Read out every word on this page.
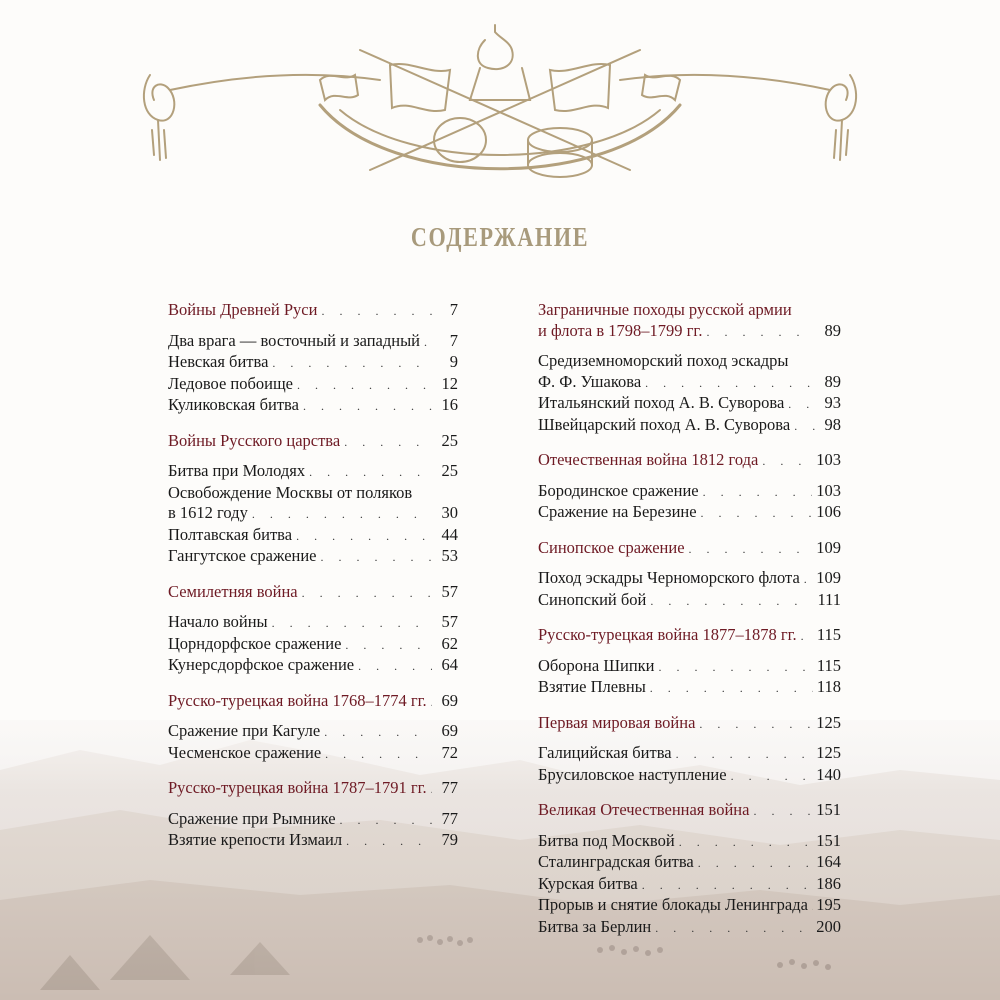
СОДЕРЖАНИЕ
Войны Древней Руси . . .	7
Два врага — восточный и западный . . .	7
Невская битва . . .	9
Ледовое побоище . . .	12
Куликовская битва . . .	16
Войны Русского царства . . .	25
Битва при Молодях . . .	25
Освобождение Москвы от поляков
в 1612 году . . .	30
Полтавская битва . . .	44
Гангутское сражение . . .	53
Семилетняя война . . .	57
Начало войны . . .	57
Цорндорфское сражение . . .	62
Кунерсдорфское сражение . . .	64
Русско-турецкая война 1768–1774 гг. . . . 69
Сражение при Кагуле . . .	69
Чесменское сражение . . .	72
Русско-турецкая война 1787–1791 гг. . . . 77
Сражение при Рымнике . . .	77
Взятие крепости Измаил . . .	79
Заграничные походы русской армии
и флота в 1798–1799 гг. . . .	89
Средиземноморский поход эскадры
Ф. Ф. Ушакова . . .	89
Итальянский поход А. В. Суворова . . .	93
Швейцарский поход А. В. Суворова . . .	98
Отечественная война 1812 года . . .	103
Бородинское сражение . . .	103
Сражение на Березине . . .	106
Синопское сражение . . .	109
Поход эскадры Черноморского флота . . . 109
Синопский бой . . .	111
Русско-турецкая война 1877–1878 гг. . . . 115
Оборона Шипки . . .	115
Взятие Плевны . . .	118
Первая мировая война . . .	125
Галицийская битва . . .	125
Брусиловское наступление . . .	140
Великая Отечественная война . . .	151
Битва под Москвой . . .	151
Сталинградская битва . . .	164
Курская битва . . .	186
Прорыв и снятие блокады Ленинграда . . . 195
Битва за Берлин . . .	200
